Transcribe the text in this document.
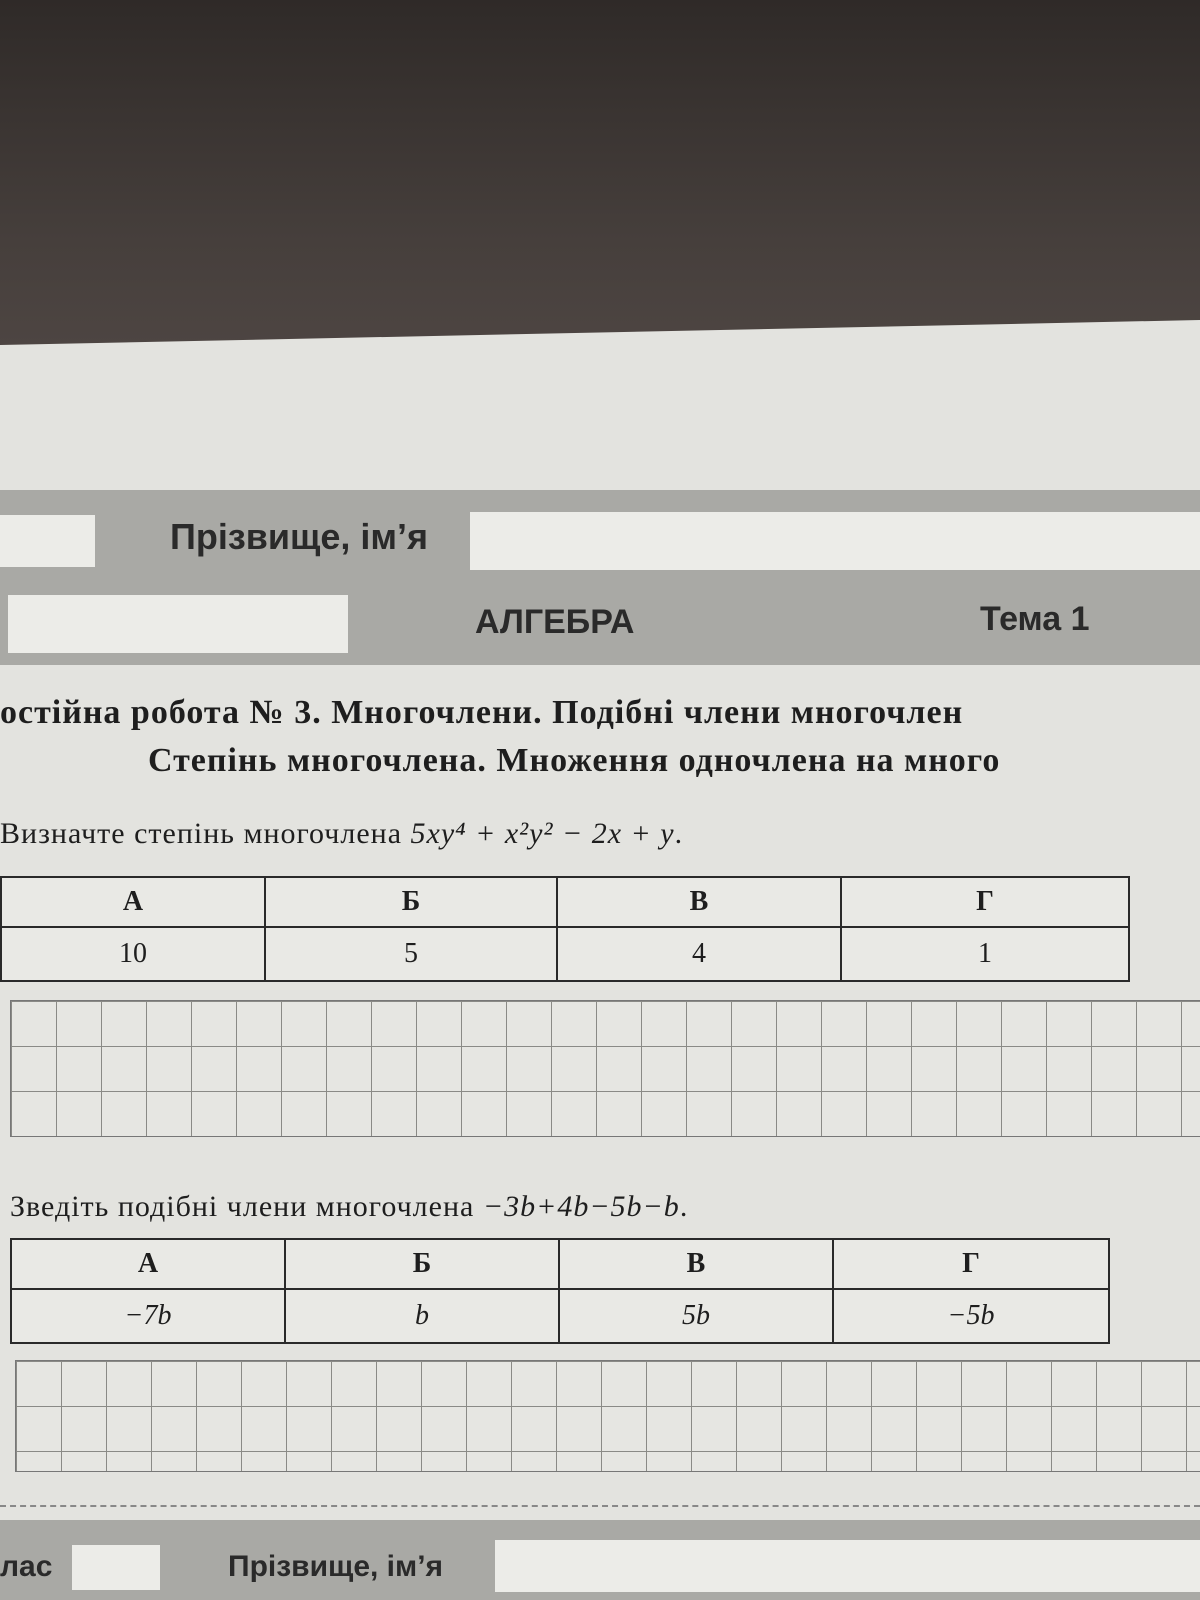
Прізвище, ім’я
АЛГЕБРА	Тема 1
остійна робота № 3. Многочлени. Подібні члени многочлен
Степінь многочлена. Множення одночлена на много
Визначте степінь многочлена 5xy⁴ + x²y² − 2x + y.
А	Б	В	Г
10	5	4	1
Зведіть подібні члени многочлена −3b+4b−5b−b.
А	Б	В	Г
−7b	b	5b	−5b
лас	Прізвище, ім’я
